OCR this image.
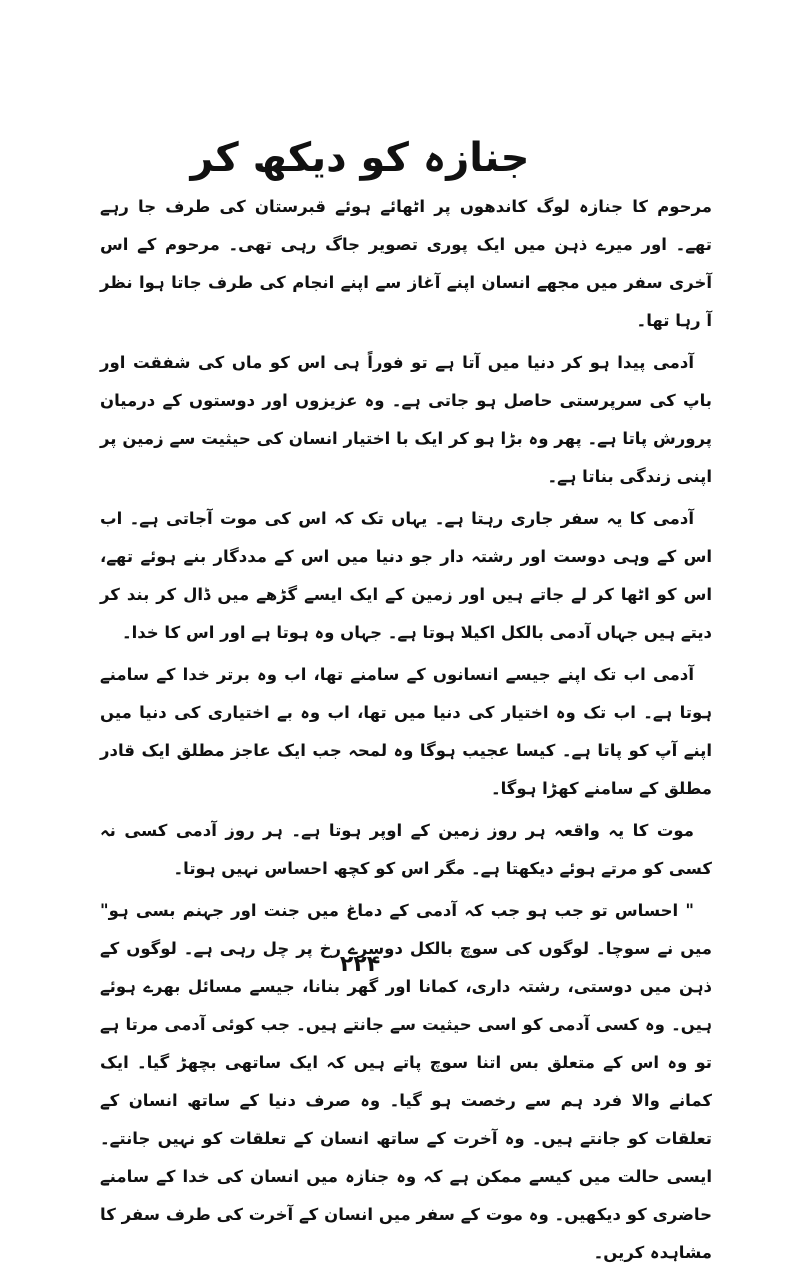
جنازہ کو دیکھ کر

مرحوم کا جنازہ لوگ کاندھوں پر اٹھائے ہوئے قبرستان کی طرف جا رہے تھے۔ اور میرے ذہن میں ایک پوری تصویر جاگ رہی تھی۔ مرحوم کے اس آخری سفر میں مجھے انسان اپنے آغاز سے اپنے انجام کی طرف جاتا ہوا نظر آ رہا تھا۔

آدمی پیدا ہو کر دنیا میں آتا ہے تو فوراً ہی اس کو ماں کی شفقت اور باپ کی سرپرستی حاصل ہو جاتی ہے۔ وہ عزیزوں اور دوستوں کے درمیان پرورش پاتا ہے۔ پھر وہ بڑا ہو کر ایک با اختیار انسان کی حیثیت سے زمین پر اپنی زندگی بناتا ہے۔

آدمی کا یہ سفر جاری رہتا ہے۔ یہاں تک کہ اس کی موت آجاتی ہے۔ اب اس کے وہی دوست اور رشتہ دار جو دنیا میں اس کے مددگار بنے ہوئے تھے، اس کو اٹھا کر لے جاتے ہیں اور زمین کے ایک ایسے گڑھے میں ڈال کر بند کر دیتے ہیں جہاں آدمی بالکل اکیلا ہوتا ہے۔ جہاں وہ ہوتا ہے اور اس کا خدا۔

آدمی اب تک اپنے جیسے انسانوں کے سامنے تھا، اب وہ برتر خدا کے سامنے ہوتا ہے۔ اب تک وہ اختیار کی دنیا میں تھا، اب وہ بے اختیاری کی دنیا میں اپنے آپ کو پاتا ہے۔ کیسا عجیب ہوگا وہ لمحہ جب ایک عاجز مطلق ایک قادر مطلق کے سامنے کھڑا ہوگا۔

موت کا یہ واقعہ ہر روز زمین کے اوپر ہوتا ہے۔ ہر روز آدمی کسی نہ کسی کو مرتے ہوئے دیکھتا ہے۔ مگر اس کو کچھ احساس نہیں ہوتا۔

" احساس تو جب ہو جب کہ آدمی کے دماغ میں جنت اور جہنم بسی ہو" میں نے سوچا۔ لوگوں کی سوچ بالکل دوسرے رخ پر چل رہی ہے۔ لوگوں کے ذہن میں دوستی، رشتہ داری، کمانا اور گھر بنانا، جیسے مسائل بھرے ہوئے ہیں۔ وہ کسی آدمی کو اسی حیثیت سے جانتے ہیں۔ جب کوئی آدمی مرتا ہے تو وہ اس کے متعلق بس اتنا سوچ پاتے ہیں کہ ایک ساتھی بچھڑ گیا۔ ایک کمانے والا فرد ہم سے رخصت ہو گیا۔ وہ صرف دنیا کے ساتھ انسان کے تعلقات کو جانتے ہیں۔ وہ آخرت کے ساتھ انسان کے تعلقات کو نہیں جانتے۔ ایسی حالت میں کیسے ممکن ہے کہ وہ جنازہ میں انسان کی خدا کے سامنے حاضری کو دیکھیں۔ وہ موت کے سفر میں انسان کے آخرت کی طرف سفر کا مشاہدہ کریں۔

۲۲۴
